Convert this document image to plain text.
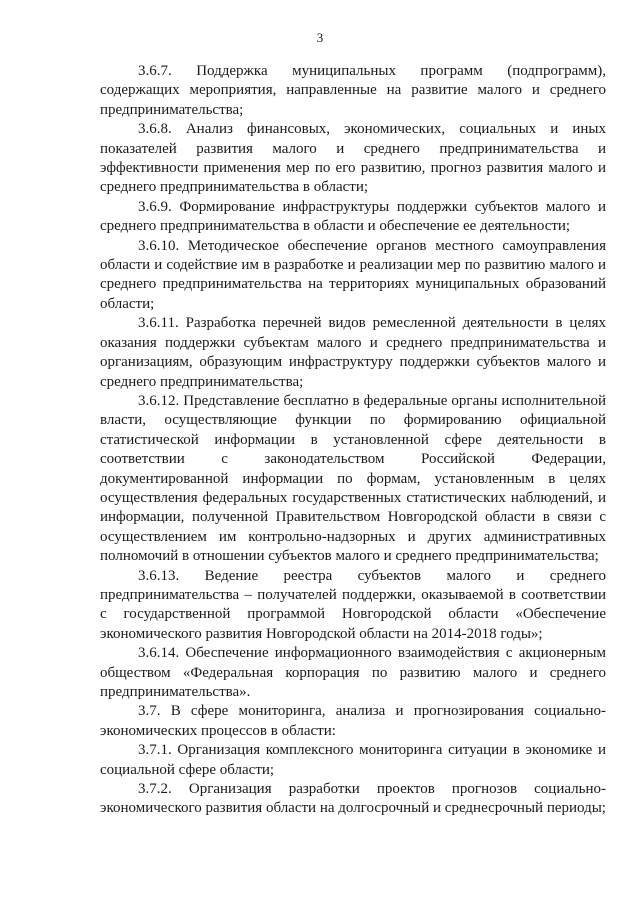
3

3.6.7. Поддержка муниципальных программ (подпрограмм), содержащих мероприятия, направленные на развитие малого и среднего предпринимательства;

3.6.8. Анализ финансовых, экономических, социальных и иных показателей развития малого и среднего предпринимательства и эффективности применения мер по его развитию, прогноз развития малого и среднего предпринимательства в области;

3.6.9. Формирование инфраструктуры поддержки субъектов малого и среднего предпринимательства в области и обеспечение ее деятельности;

3.6.10. Методическое обеспечение органов местного самоуправления области и содействие им в разработке и реализации мер по развитию малого и среднего предпринимательства на территориях муниципальных образований области;

3.6.11. Разработка перечней видов ремесленной деятельности в целях оказания поддержки субъектам малого и среднего предпринимательства и организациям, образующим инфраструктуру поддержки субъектов малого и среднего предпринимательства;

3.6.12. Представление бесплатно в федеральные органы исполнительной власти, осуществляющие функции по формированию официальной статистической информации в установленной сфере деятельности в соответствии с законодательством Российской Федерации, документированной информации по формам, установленным в целях осуществления федеральных государственных статистических наблюдений, и информации, полученной Правительством Новгородской области в связи с осуществлением им контрольно-надзорных и других административных полномочий в отношении субъектов малого и среднего предпринимательства;

3.6.13. Ведение реестра субъектов малого и среднего предпринимательства – получателей поддержки, оказываемой в соответствии с государственной программой Новгородской области «Обеспечение экономического развития Новгородской области на 2014-2018 годы»;

3.6.14. Обеспечение информационного взаимодействия с акционерным обществом «Федеральная корпорация по развитию малого и среднего предпринимательства».

3.7. В сфере мониторинга, анализа и прогнозирования социально-экономических процессов в области:

3.7.1. Организация комплексного мониторинга ситуации в экономике и социальной сфере области;

3.7.2. Организация разработки проектов прогнозов социально-экономического развития области на долгосрочный и среднесрочный периоды;
